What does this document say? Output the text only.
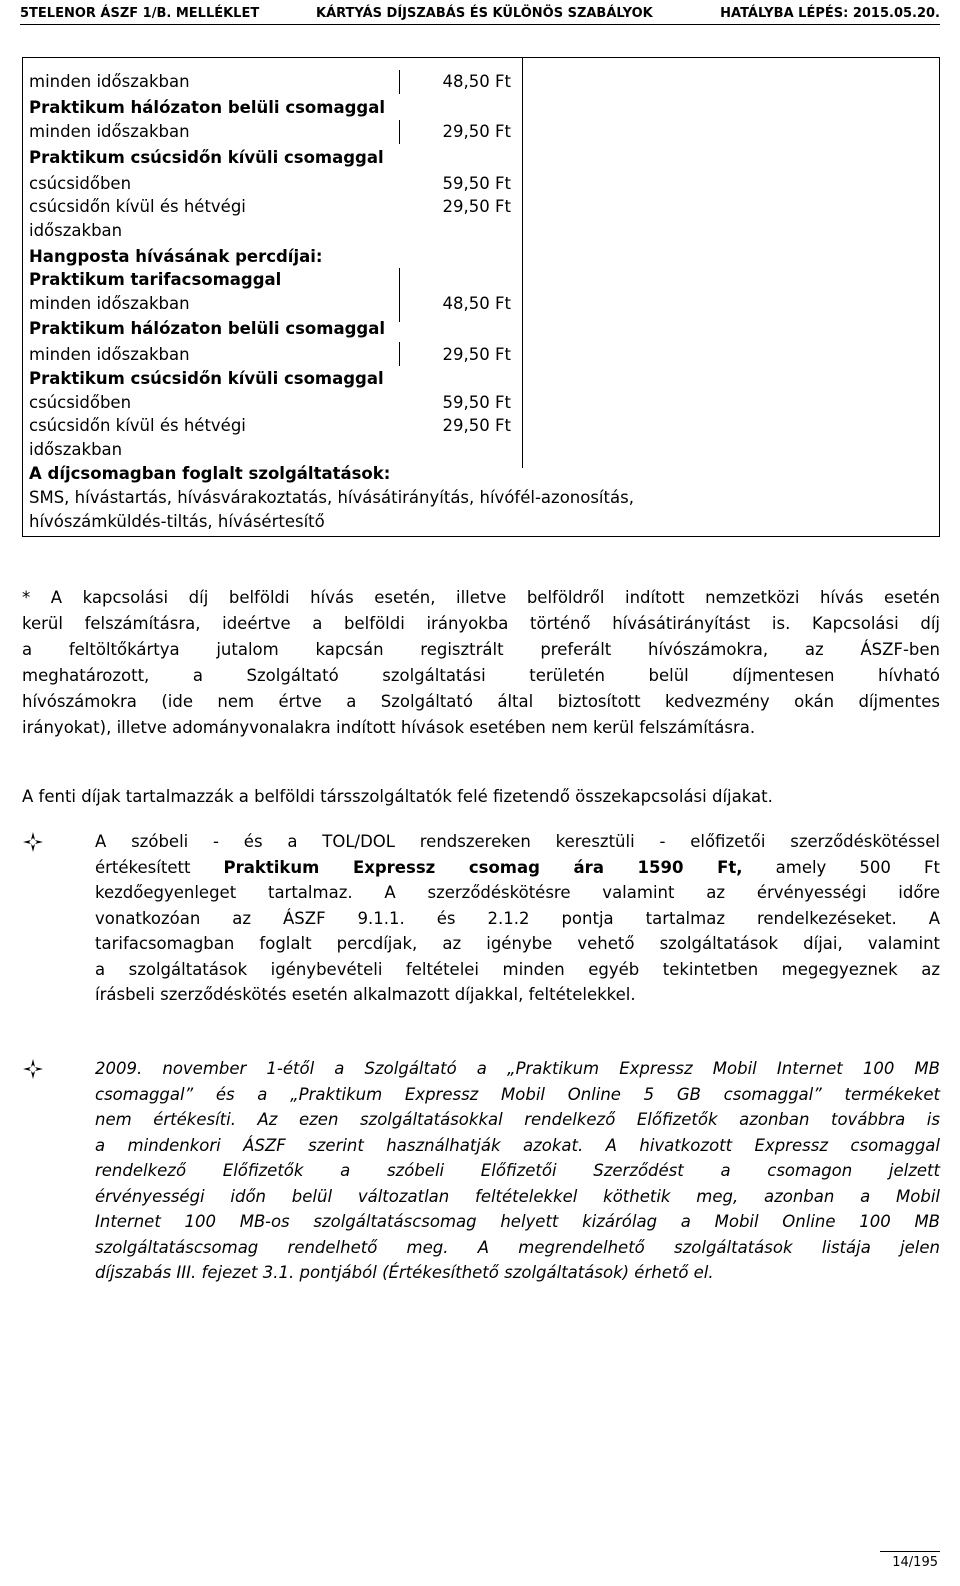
5TELENOR ÁSZF 1/B. MELLÉKLET	KÁRTYÁS DÍJSZABÁS ÉS KÜLÖNÖS SZABÁLYOK	HATÁLYBA LÉPÉS: 2015.05.20.
minden időszakban	48,50 Ft
Praktikum hálózaton belüli csomaggal
minden időszakban	29,50 Ft
Praktikum csúcsidőn kívüli csomaggal
csúcsidőben	59,50 Ft
csúcsidőn kívül és hétvégi	29,50 Ft
időszakban
Hangposta hívásának percdíjai:
Praktikum tarifacsomaggal
minden időszakban	48,50 Ft
Praktikum hálózaton belüli csomaggal
minden időszakban	29,50 Ft
Praktikum csúcsidőn kívüli csomaggal
csúcsidőben	59,50 Ft
csúcsidőn kívül és hétvégi	29,50 Ft
időszakban
A díjcsomagban foglalt szolgáltatások:
SMS, hívástartás, hívásvárakoztatás, hívásátirányítás, hívófél-azonosítás,
hívószámküldés-tiltás, hívásértesítő
* A kapcsolási díj belföldi hívás esetén, illetve belföldről indított nemzetközi hívás esetén
kerül felszámításra, ideértve a belföldi irányokba történő hívásátirányítást is. Kapcsolási díj
a feltöltőkártya jutalom kapcsán regisztrált preferált hívószámokra, az ÁSZF-ben
meghatározott, a Szolgáltató szolgáltatási területén belül díjmentesen hívható
hívószámokra (ide nem értve a Szolgáltató által biztosított kedvezmény okán díjmentes
irányokat), illetve adományvonalakra indított hívások esetében nem kerül felszámításra.
A fenti díjak tartalmazzák a belföldi társszolgáltatók felé fizetendő összekapcsolási díjakat.
A szóbeli - és a TOL/DOL rendszereken keresztüli - előfizetői szerződéskötéssel
értékesített Praktikum Expressz csomag ára 1590 Ft, amely 500 Ft
kezdőegyenleget tartalmaz. A szerződéskötésre valamint az érvényességi időre
vonatkozóan az ÁSZF 9.1.1. és 2.1.2 pontja tartalmaz rendelkezéseket. A
tarifacsomagban foglalt percdíjak, az igénybe vehető szolgáltatások díjai, valamint
a szolgáltatások igénybevételi feltételei minden egyéb tekintetben megegyeznek az
írásbeli szerződéskötés esetén alkalmazott díjakkal, feltételekkel.
2009. november 1-étől a Szolgáltató a „Praktikum Expressz Mobil Internet 100 MB
csomaggal” és a „Praktikum Expressz Mobil Online 5 GB csomaggal” termékeket
nem értékesíti. Az ezen szolgáltatásokkal rendelkező Előfizetők azonban továbbra is
a mindenkori ÁSZF szerint használhatják azokat. A hivatkozott Expressz csomaggal
rendelkező Előfizetők a szóbeli Előfizetői Szerződést a csomagon jelzett
érvényességi időn belül változatlan feltételekkel köthetik meg, azonban a Mobil
Internet 100 MB-os szolgáltatáscsomag helyett kizárólag a Mobil Online 100 MB
szolgáltatáscsomag rendelhető meg. A megrendelhető szolgáltatások listája jelen
díjszabás III. fejezet 3.1. pontjából (Értékesíthető szolgáltatások) érhető el.
14/195
